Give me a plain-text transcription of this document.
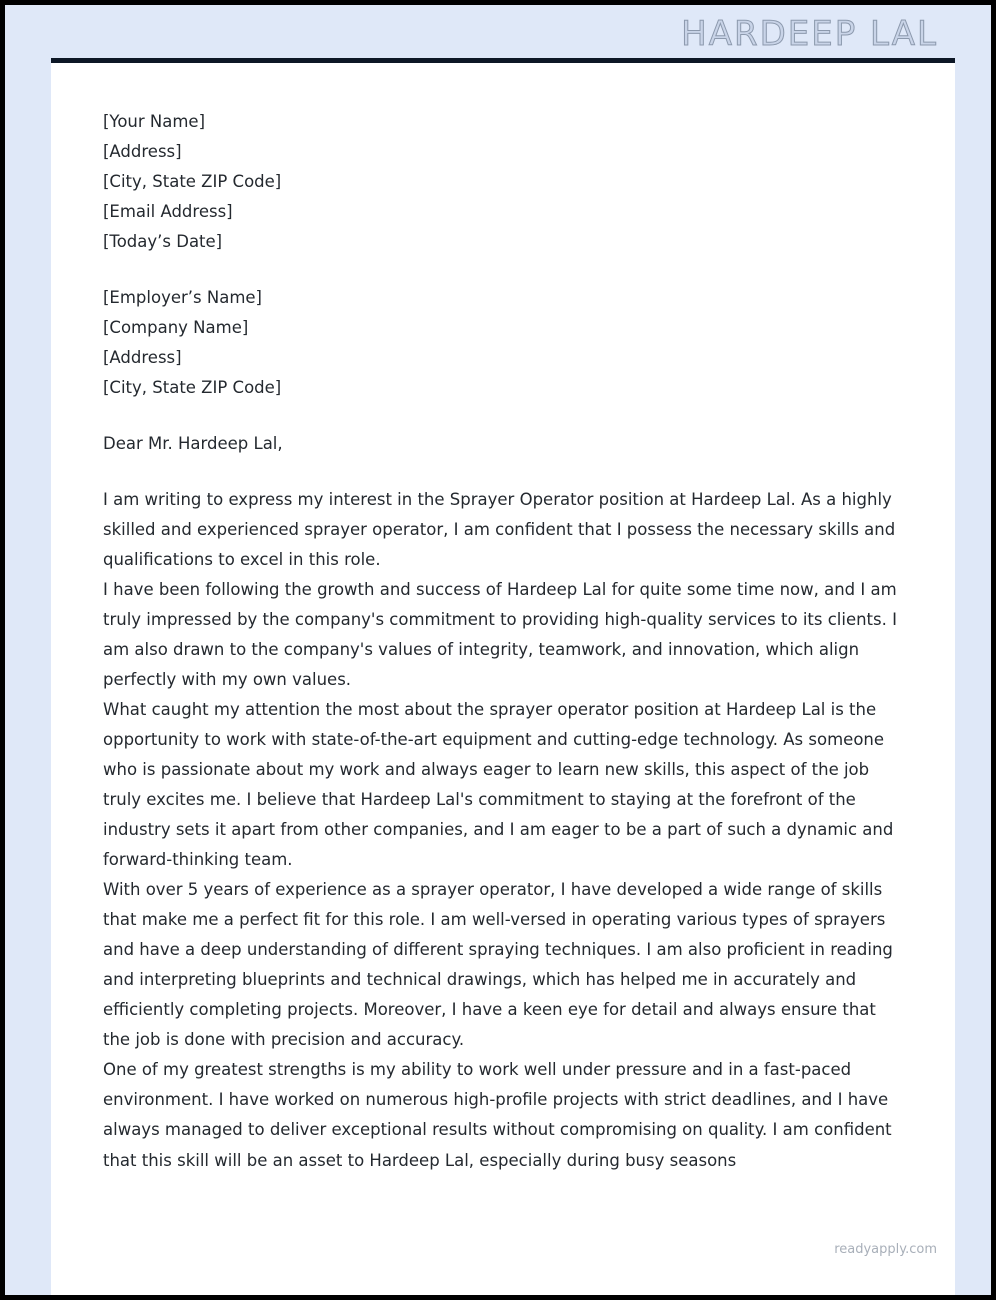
HARDEEP LAL

[Your Name]

[Address]

[City, State ZIP Code]

[Email Address]

[Today’s Date]

[Employer’s Name]

[Company Name]

[Address]

[City, State ZIP Code]

Dear Mr. Hardeep Lal,

I am writing to express my interest in the Sprayer Operator position at Hardeep Lal. As a highly skilled and experienced sprayer operator, I am confident that I possess the necessary skills and qualifications to excel in this role.

I have been following the growth and success of Hardeep Lal for quite some time now, and I am truly impressed by the company's commitment to providing high-quality services to its clients. I am also drawn to the company's values of integrity, teamwork, and innovation, which align perfectly with my own values.

What caught my attention the most about the sprayer operator position at Hardeep Lal is the opportunity to work with state-of-the-art equipment and cutting-edge technology. As someone who is passionate about my work and always eager to learn new skills, this aspect of the job truly excites me. I believe that Hardeep Lal's commitment to staying at the forefront of the industry sets it apart from other companies, and I am eager to be a part of such a dynamic and forward-thinking team.

With over 5 years of experience as a sprayer operator, I have developed a wide range of skills that make me a perfect fit for this role. I am well-versed in operating various types of sprayers and have a deep understanding of different spraying techniques. I am also proficient in reading and interpreting blueprints and technical drawings, which has helped me in accurately and efficiently completing projects. Moreover, I have a keen eye for detail and always ensure that the job is done with precision and accuracy.

One of my greatest strengths is my ability to work well under pressure and in a fast-paced environment. I have worked on numerous high-profile projects with strict deadlines, and I have always managed to deliver exceptional results without compromising on quality. I am confident that this skill will be an asset to Hardeep Lal, especially during busy seasons

readyapply.com
